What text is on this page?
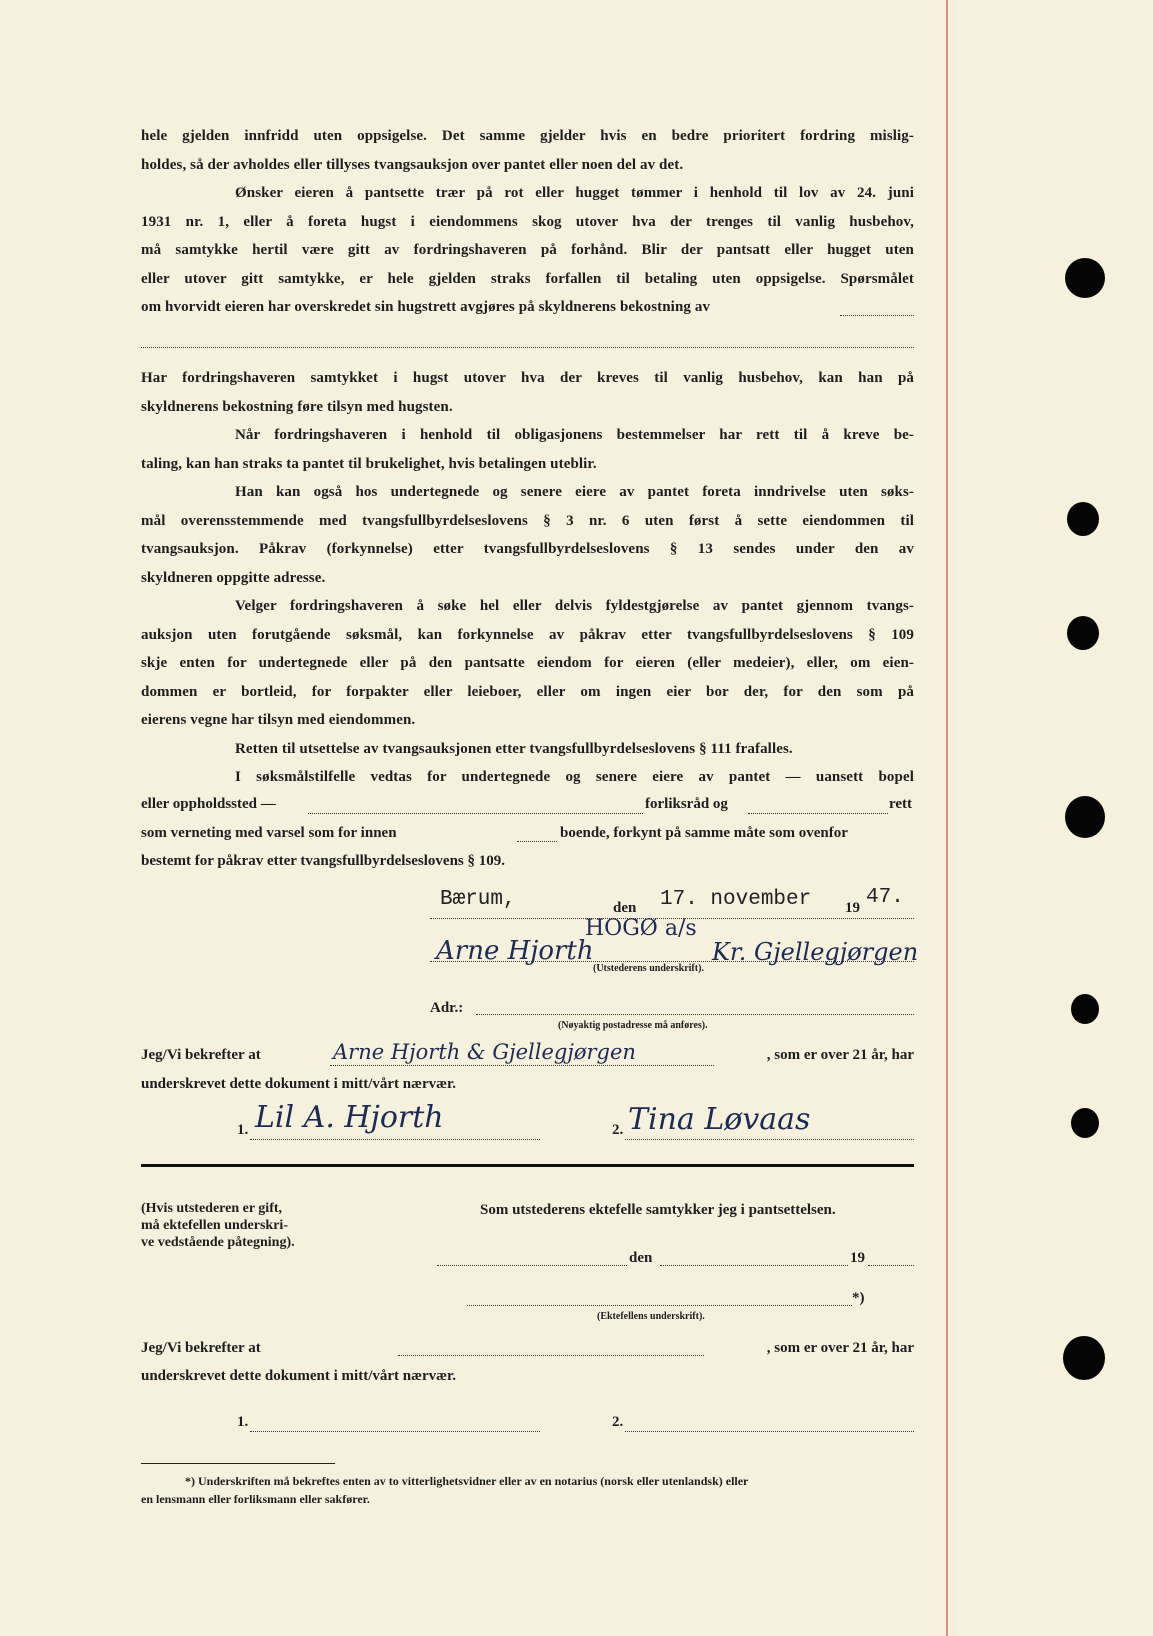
hele gjelden innfridd uten oppsigelse. Det samme gjelder hvis en bedre prioritert fordring mislig-
holdes, så der avholdes eller tillyses tvangsauksjon over pantet eller noen del av det.
Ønsker eieren å pantsette trær på rot eller hugget tømmer i henhold til lov av 24. juni
1931 nr. 1, eller å foreta hugst i eiendommens skog utover hva der trenges til vanlig husbehov,
må samtykke hertil være gitt av fordringshaveren på forhånd. Blir der pantsatt eller hugget uten
eller utover gitt samtykke, er hele gjelden straks forfallen til betaling uten oppsigelse. Spørsmålet
om hvorvidt eieren har overskredet sin hugstrett avgjøres på skyldnerens bekostning av
Har fordringshaveren samtykket i hugst utover hva der kreves til vanlig husbehov, kan han på
skyldnerens bekostning føre tilsyn med hugsten.
Når fordringshaveren i henhold til obligasjonens bestemmelser har rett til å kreve be-
taling, kan han straks ta pantet til brukelighet, hvis betalingen uteblir.
Han kan også hos undertegnede og senere eiere av pantet foreta inndrivelse uten søks-
mål overensstemmende med tvangsfullbyrdelseslovens § 3 nr. 6 uten først å sette eiendommen til
tvangsauksjon. Påkrav (forkynnelse) etter tvangsfullbyrdelseslovens § 13 sendes under den av
skyldneren oppgitte adresse.
Velger fordringshaveren å søke hel eller delvis fyldestgjørelse av pantet gjennom tvangs-
auksjon uten forutgående søksmål, kan forkynnelse av påkrav etter tvangsfullbyrdelseslovens § 109
skje enten for undertegnede eller på den pantsatte eiendom for eieren (eller medeier), eller, om eien-
dommen er bortleid, for forpakter eller leieboer, eller om ingen eier bor der, for den som på
eierens vegne har tilsyn med eiendommen.
Retten til utsettelse av tvangsauksjonen etter tvangsfullbyrdelseslovens § 111 frafalles.
I søksmålstilfelle vedtas for undertegnede og senere eiere av pantet — uansett bopel
eller oppholdssted —	forliksråd og	rett
som verneting med varsel som for innen	boende, forkynt på samme måte som ovenfor
bestemt for påkrav etter tvangsfullbyrdelseslovens § 109.
Bærum,	den 17. november 19 47.
HOGØ a/s
Arne Hjorth	Kr. Gjellegjørgen
(Utstederens underskrift).
Adr.:
(Nøyaktig postadresse må anføres).
Jeg/Vi bekrefter at	Arne Hjorth & Gjellegjørgen	, som er over 21 år, har
underskrevet dette dokument i mitt/vårt nærvær.
1. Lil A. Hjorth	2. Tina Løvaas
(Hvis utstederen er gift,
må ektefellen underskri-
ve vedstående påtegning).
Som utstederens ektefelle samtykker jeg i pantsettelsen.
den	19
*)
(Ektefellens underskrift).
Jeg/Vi bekrefter at	, som er over 21 år, har
underskrevet dette dokument i mitt/vårt nærvær.
1.	2.
*) Underskriften må bekreftes enten av to vitterlighetsvidner eller av en notarius (norsk eller utenlandsk) eller
en lensmann eller forliksmann eller sakfører.
